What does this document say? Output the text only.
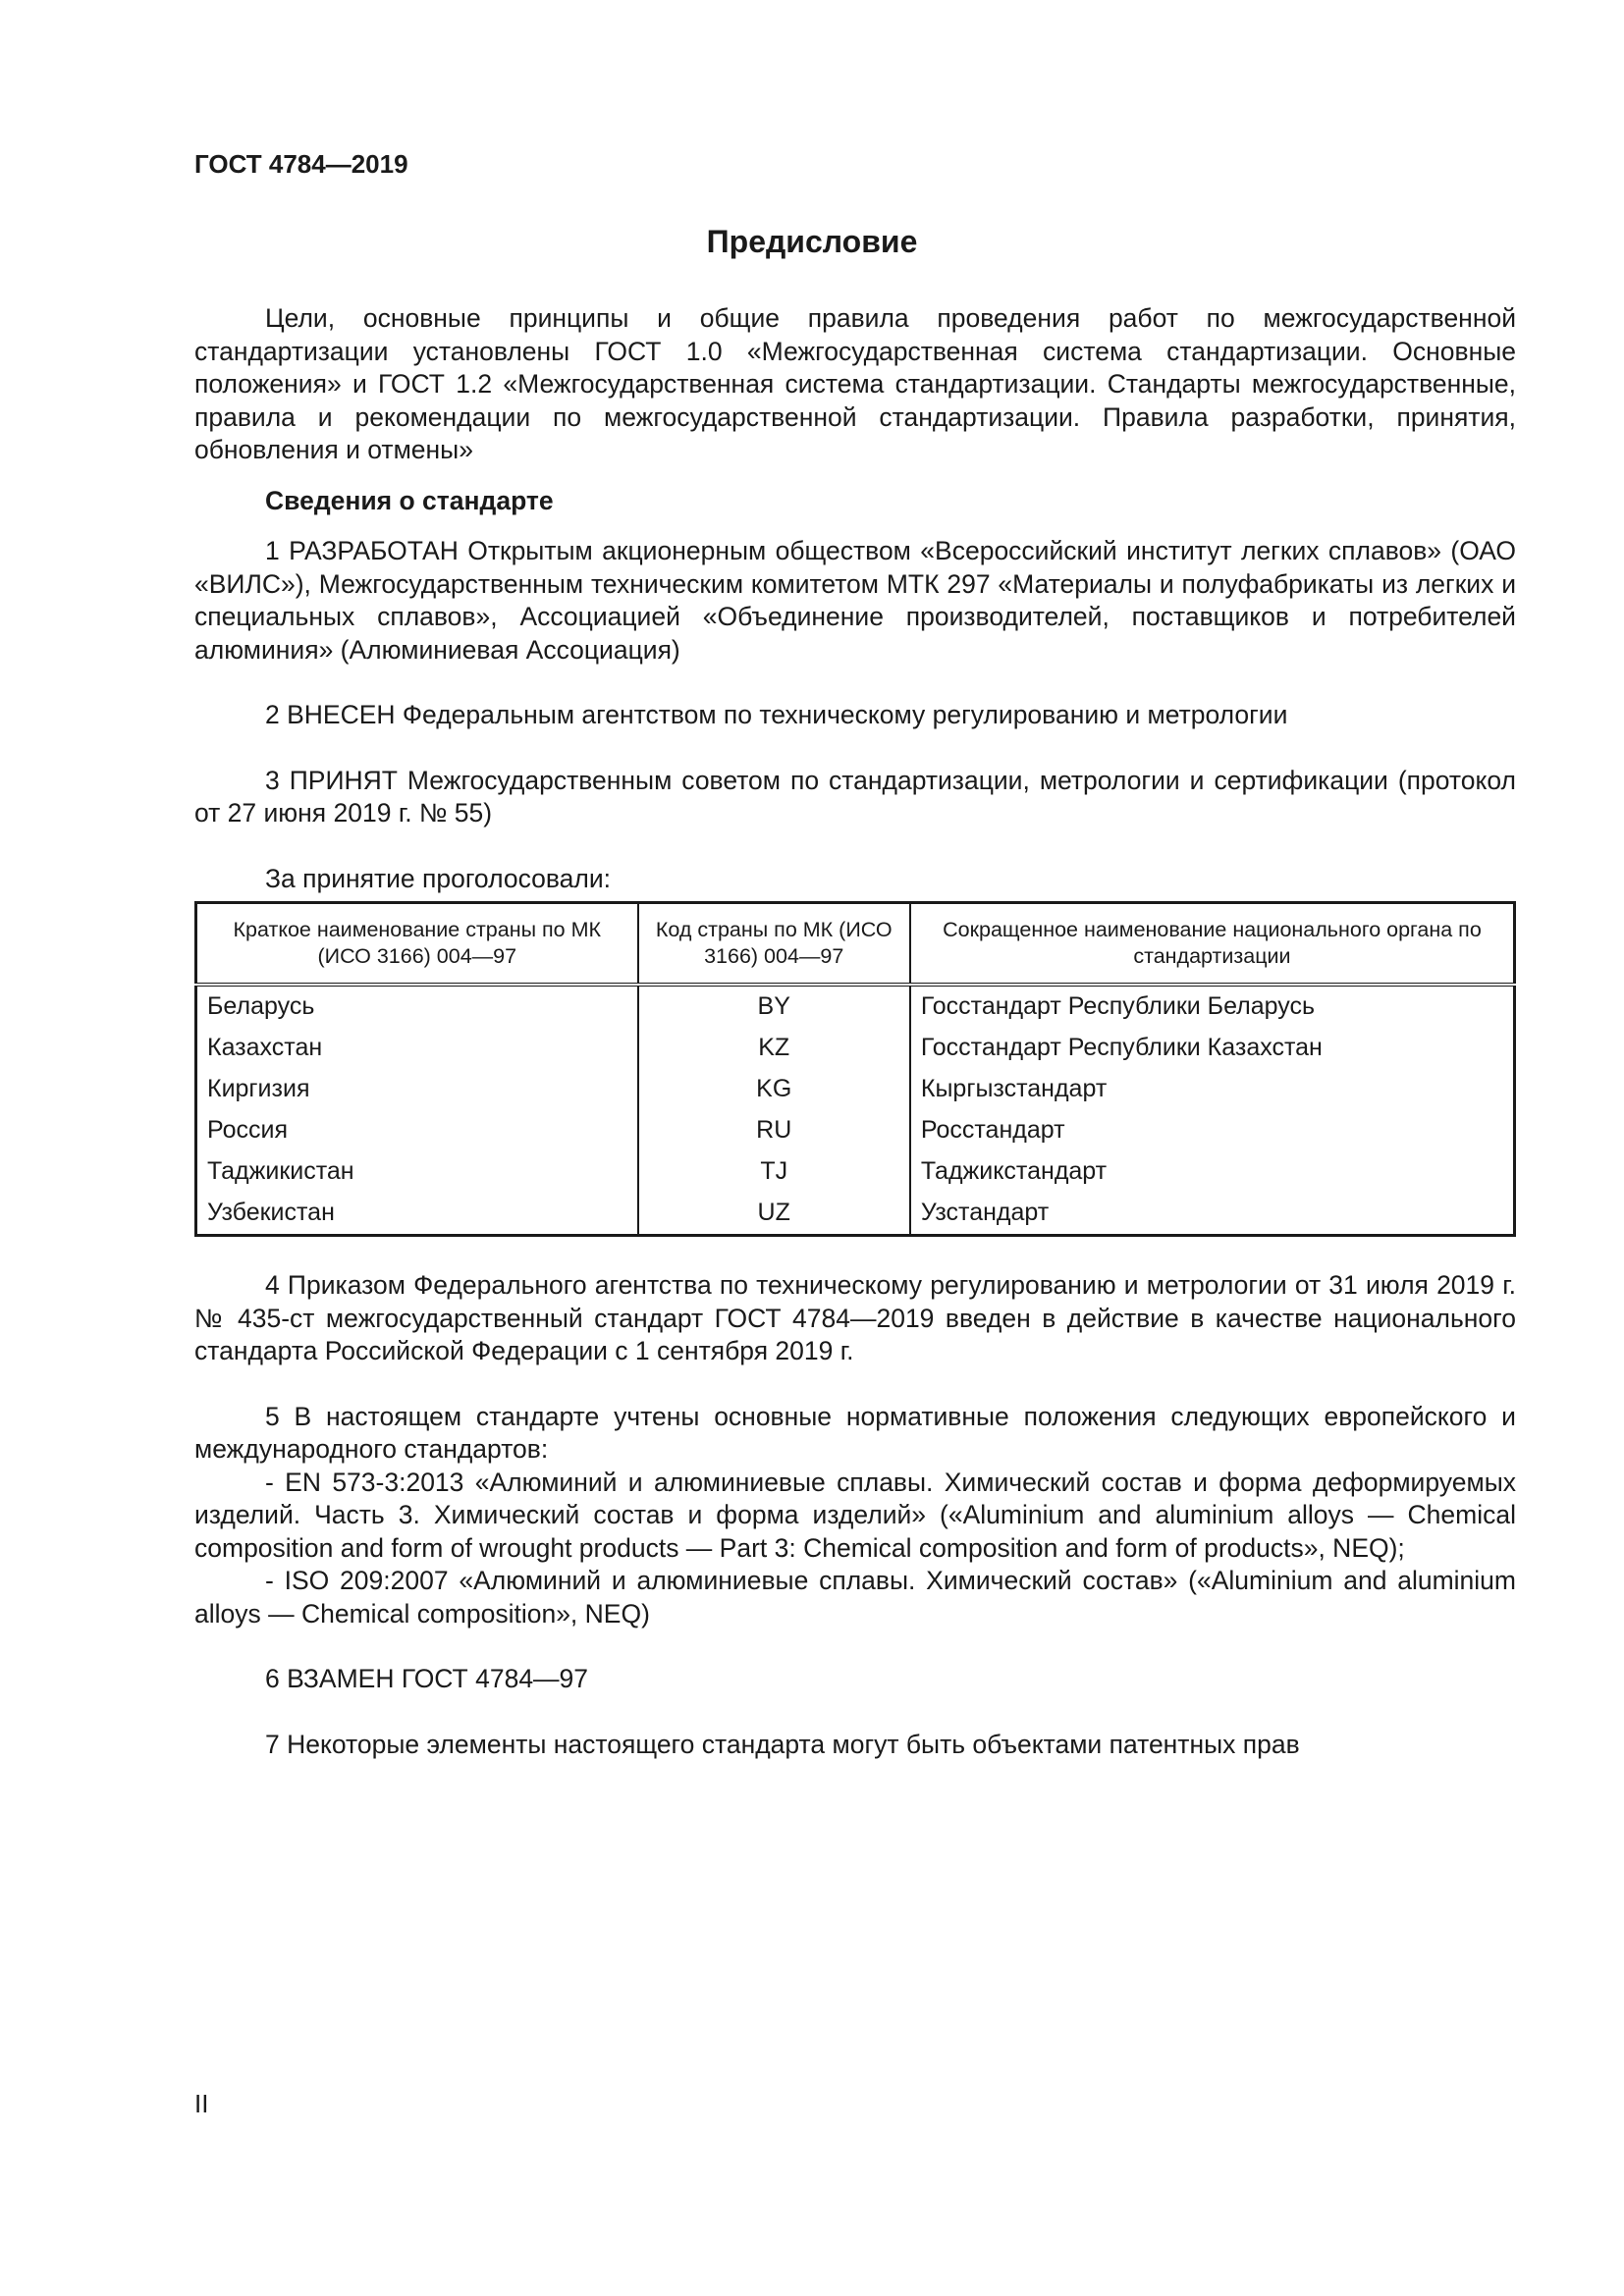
ГОСТ 4784—2019
Предисловие

Цели, основные принципы и общие правила проведения работ по межгосударственной стандартизации установлены ГОСТ 1.0 «Межгосударственная система стандартизации. Основные положения» и ГОСТ 1.2 «Межгосударственная система стандартизации. Стандарты межгосударственные, правила и рекомендации по межгосударственной стандартизации. Правила разработки, принятия, обновления и отмены»

Сведения о стандарте

1 РАЗРАБОТАН Открытым акционерным обществом «Всероссийский институт легких сплавов» (ОАО «ВИЛС»), Межгосударственным техническим комитетом МТК 297 «Материалы и полуфабрикаты из легких и специальных сплавов», Ассоциацией «Объединение производителей, поставщиков и потребителей алюминия» (Алюминиевая Ассоциация)

2 ВНЕСЕН Федеральным агентством по техническому регулированию и метрологии

3 ПРИНЯТ Межгосударственным советом по стандартизации, метрологии и сертификации (протокол от 27 июня 2019 г. № 55)

За принятие проголосовали:

Краткое наименование страны по МК (ИСО 3166) 004—97	Код страны по МК (ИСО 3166) 004—97	Сокращенное наименование национального органа по стандартизации
Беларусь	BY	Госстандарт Республики Беларусь
Казахстан	KZ	Госстандарт Республики Казахстан
Киргизия	KG	Кыргызстандарт
Россия	RU	Росстандарт
Таджикистан	TJ	Таджикстандарт
Узбекистан	UZ	Узстандарт

4 Приказом Федерального агентства по техническому регулированию и метрологии от 31 июля 2019 г. № 435-ст межгосударственный стандарт ГОСТ 4784—2019 введен в действие в качестве национального стандарта Российской Федерации с 1 сентября 2019 г.

5 В настоящем стандарте учтены основные нормативные положения следующих европейского и международного стандартов:

- EN 573-3:2013 «Алюминий и алюминиевые сплавы. Химический состав и форма деформируемых изделий. Часть 3. Химический состав и форма изделий» («Aluminium and aluminium alloys — Chemical composition and form of wrought products — Part 3: Chemical composition and form of products», NEQ);

- ISO 209:2007 «Алюминий и алюминиевые сплавы. Химический состав» («Aluminium and aluminium alloys — Chemical composition», NEQ)

6 ВЗАМЕН ГОСТ 4784—97

7 Некоторые элементы настоящего стандарта могут быть объектами патентных прав

II
